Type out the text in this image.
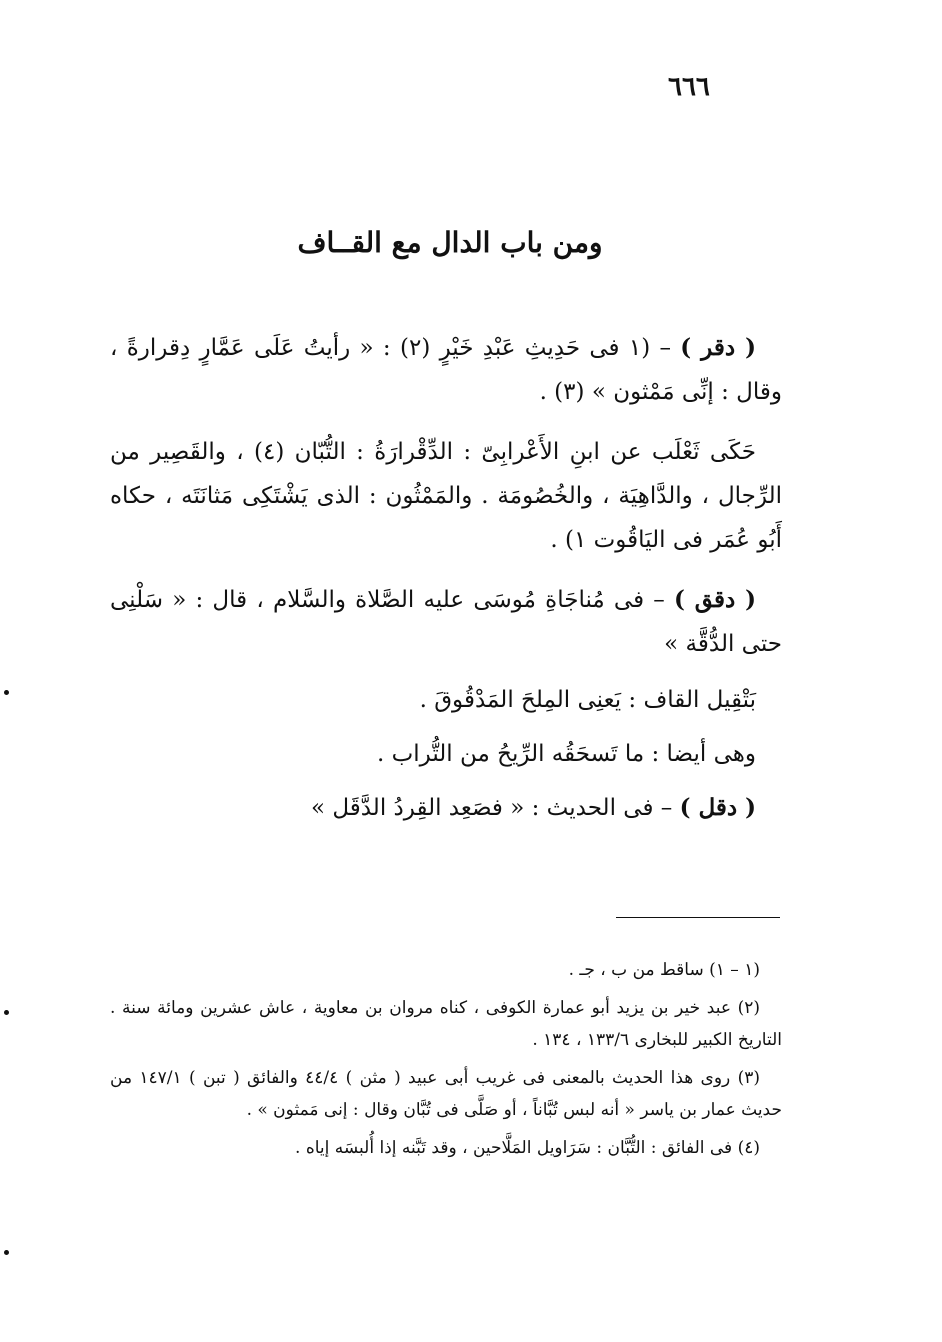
٦٦٦
ومن باب الدال مع القــاف

( دقر ) – (١ فى حَدِيثِ عَبْدِ خَيْرٍ (٢) : « رأيتُ عَلَى عَمَّارٍ دِقرارةً ، وقال : إنِّى مَمْثون » (٣) .

حَكَى ثَعْلَب عن ابنِ الأَعْرابِىّ : الدِّقْرارَةُ : التُّبّان (٤) ، والقَصِير من الرِّجال ، والدَّاهِيَة ، والخُصُومَة . والمَمْثُون : الذى يَشْتَكِى مَثانَتَه ، حكاه أَبُو عُمَر فى اليَاقُوت ١) .

( دقق ) – فى مُناجَاةِ مُوسَى عليه الصَّلاة والسَّلام ، قال : « سَلْنِى حتى الدُّقَّة »

بَتْقِيل القاف : يَعنِى المِلحَ المَدْقُوقَ .

وهى أيضا : ما تَسحَقُه الرِّيحُ من التُّراب .

( دقل ) – فى الحديث : « فصَعِد القِردُ الدَّقَل »

(١ – ١) ساقط من ب ، جـ .

(٢) عبد خير بن يزيد أبو عمارة الكوفى ، كناه مروان بن معاوية ، عاش عشرين ومائة سنة . التاريخ الكبير للبخارى ١٣٣/٦ ، ١٣٤ .

(٣) روى هذا الحديث بالمعنى فى غريب أبى عبيد ( مثن ) ٤٤/٤ والفائق ( تبن ) ١٤٧/١ من حديث عمار بن ياسر « أنه لبس تُبَّاناً ، أو صَلَّى فى تُبَّان وقال : إنى مَمثون » .

(٤) فى الفائق : التُّبَّان : سَرَاويل المَلَّاحين ، وقد تَبَّنه إذا أُلبسَه إياه .
